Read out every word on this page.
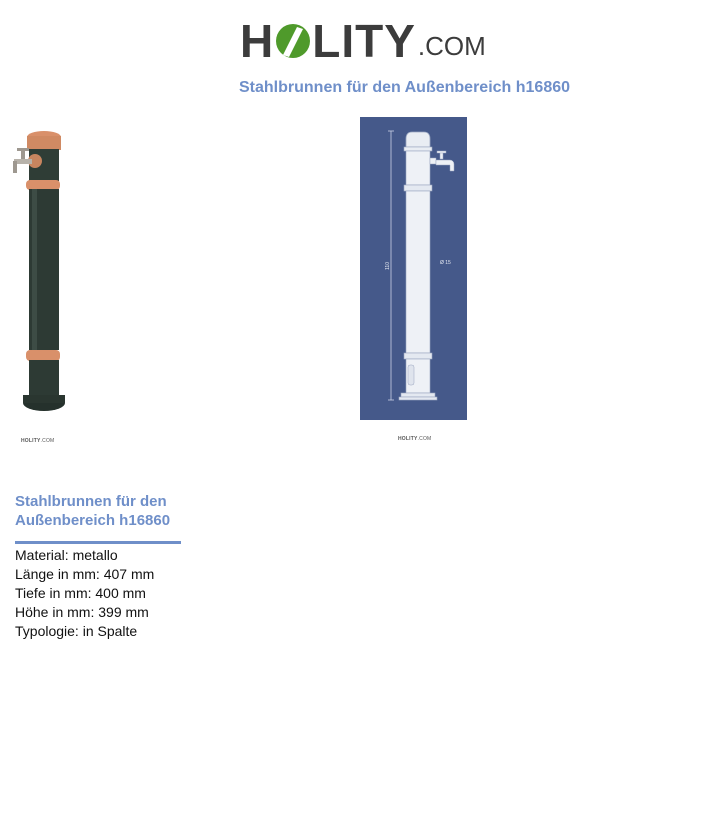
H LITY .COM
Stahlbrunnen für den Außenbereich h16860
HOLITY.COM
110	Ø 15
HOLITY.COM
Stahlbrunnen für den
Außenbereich h16860
Material: metallo
Länge in mm: 407 mm
Tiefe in mm: 400 mm
Höhe in mm: 399 mm
Typologie: in Spalte
